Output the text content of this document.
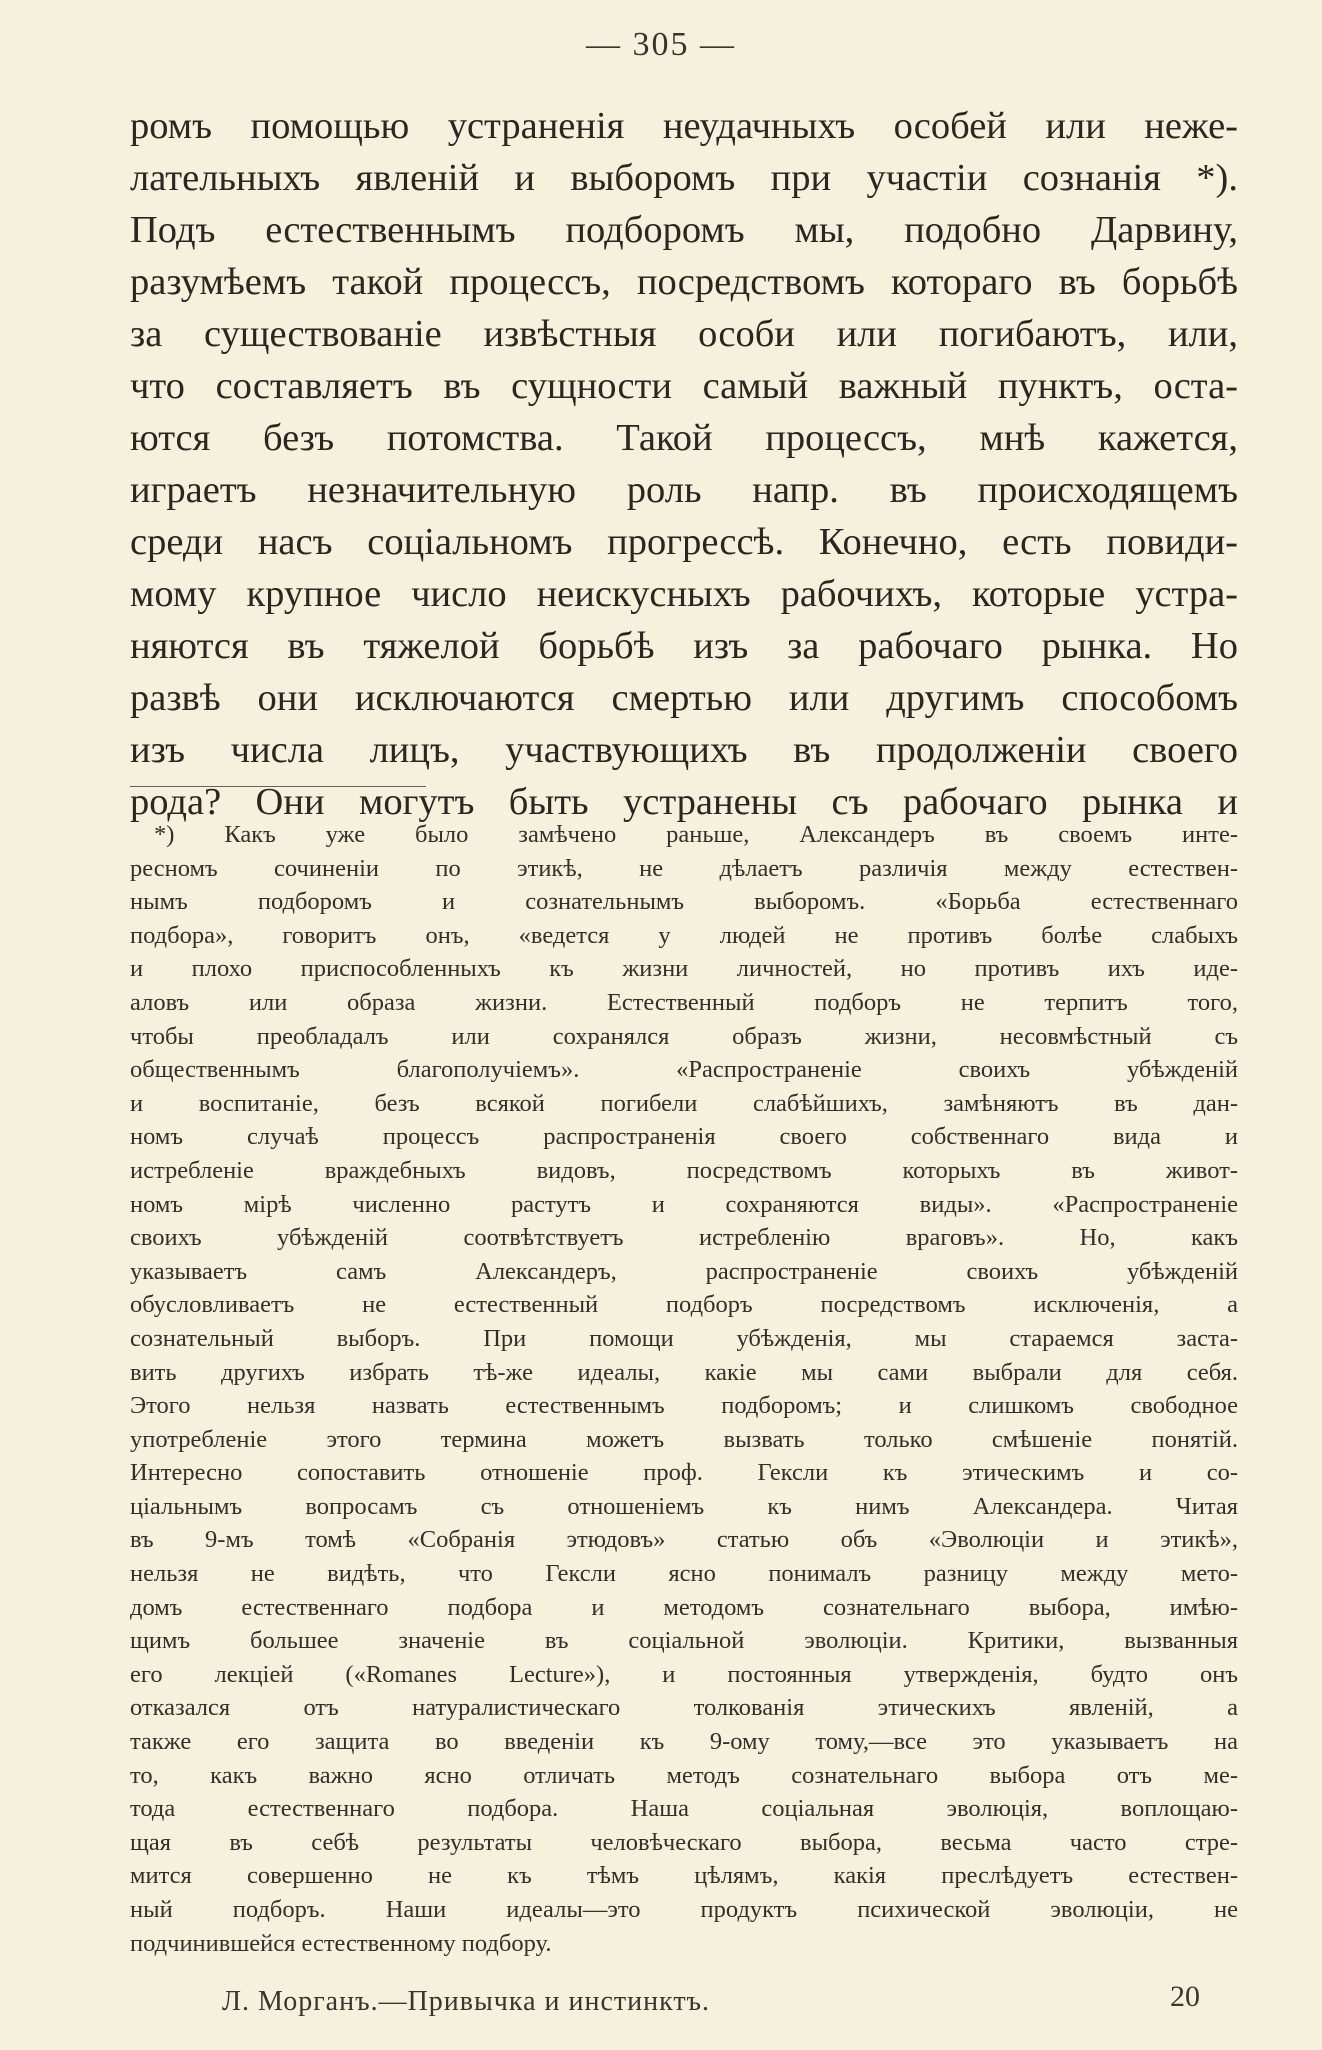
— 305 —
ромъ помощью устраненія неудачныхъ особей или неже-
лательныхъ явленій и выборомъ при участіи сознанія *).
Подъ естественнымъ подборомъ мы, подобно Дарвину,
разумѣемъ такой процессъ, посредствомъ котораго въ борьбѣ
за существованіе извѣстныя особи или погибаютъ, или,
что составляетъ въ сущности самый важный пунктъ, оста-
ются безъ потомства. Такой процессъ, мнѣ кажется,
играетъ незначительную роль напр. въ происходящемъ
среди насъ соціальномъ прогрессѣ. Конечно, есть повиди-
мому крупное число неискусныхъ рабочихъ, которые устра-
няются въ тяжелой борьбѣ изъ за рабочаго рынка. Но
развѣ они исключаются смертью или другимъ способомъ
изъ числа лицъ, участвующихъ въ продолженіи своего
рода? Они могутъ быть устранены съ рабочаго рынка и
*) Какъ уже было замѣчено раньше, Александеръ въ своемъ инте-
ресномъ сочиненіи по этикѣ, не дѣлаетъ различія между естествен-
нымъ подборомъ и сознательнымъ выборомъ. «Борьба естественнаго
подбора», говоритъ онъ, «ведется у людей не противъ болѣе слабыхъ
и плохо приспособленныхъ къ жизни личностей, но противъ ихъ иде-
аловъ или образа жизни. Естественный подборъ не терпитъ того,
чтобы преобладалъ или сохранялся образъ жизни, несовмѣстный съ
общественнымъ благополучіемъ». «Распространеніе своихъ убѣжденій
и воспитаніе, безъ всякой погибели слабѣйшихъ, замѣняютъ въ дан-
номъ случаѣ процессъ распространенія своего собственнаго вида и
истребленіе враждебныхъ видовъ, посредствомъ которыхъ въ живот-
номъ мірѣ численно растутъ и сохраняются виды». «Распространеніе
своихъ убѣжденій соотвѣтствуетъ истребленію враговъ». Но, какъ
указываетъ самъ Александеръ, распространеніе своихъ убѣжденій
обусловливаетъ не естественный подборъ посредствомъ исключенія, а
сознательный выборъ. При помощи убѣжденія, мы стараемся заста-
вить другихъ избрать тѣ-же идеалы, какіе мы сами выбрали для себя.
Этого нельзя назвать естественнымъ подборомъ; и слишкомъ свободное
употребленіе этого термина можетъ вызвать только смѣшеніе понятій.
Интересно сопоставить отношеніе проф. Гексли къ этическимъ и со-
ціальнымъ вопросамъ съ отношеніемъ къ нимъ Александера. Читая
въ 9-мъ томѣ «Собранія этюдовъ» статью объ «Эволюціи и этикѣ»,
нельзя не видѣть, что Гексли ясно понималъ разницу между мето-
домъ естественнаго подбора и методомъ сознательнаго выбора, имѣю-
щимъ большее значеніе въ соціальной эволюціи. Критики, вызванныя
его лекціей («Romanes Lecture»), и постоянныя утвержденія, будто онъ
отказался отъ натуралистическаго толкованія этическихъ явленій, а
также его защита во введеніи къ 9-ому тому,—все это указываетъ на
то, какъ важно ясно отличать методъ сознательнаго выбора отъ ме-
тода естественнаго подбора. Наша соціальная эволюція, воплощаю-
щая въ себѣ результаты человѣческаго выбора, весьма часто стре-
мится совершенно не къ тѣмъ цѣлямъ, какія преслѣдуетъ естествен-
ный подборъ. Наши идеалы—это продуктъ психической эволюціи, не
подчинившейся естественному подбору.
Л. Морганъ.—Привычка и инстинктъ.	20
